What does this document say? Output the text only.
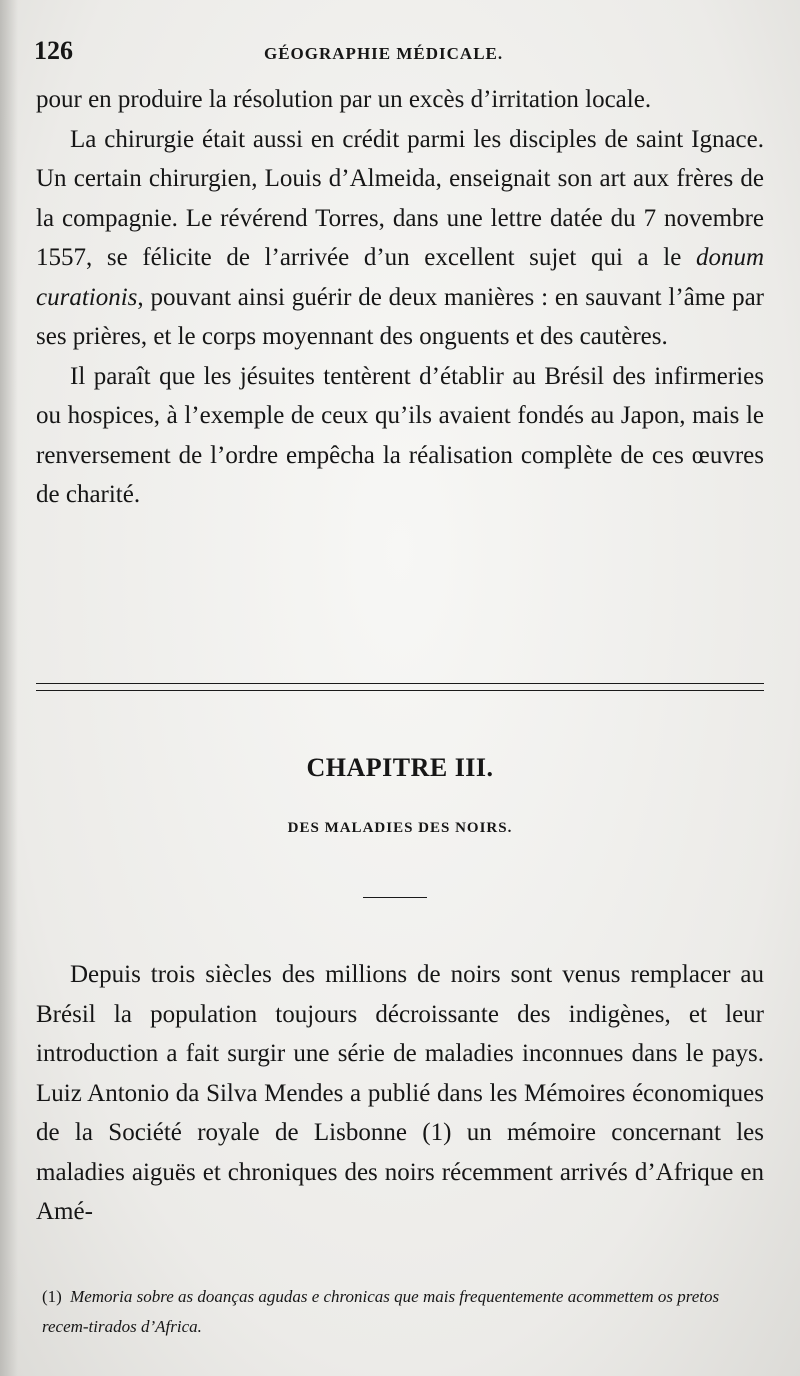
126	GÉOGRAPHIE MÉDICALE.

pour en produire la résolution par un excès d’irritation locale.

La chirurgie était aussi en crédit parmi les disciples de saint Ignace. Un certain chirurgien, Louis d’Almeida, enseignait son art aux frères de la compagnie. Le révérend Torres, dans une lettre datée du 7 novembre 1557, se félicite de l’arrivée d’un excellent sujet qui a le donum curationis, pouvant ainsi guérir de deux manières : en sauvant l’âme par ses prières, et le corps moyennant des onguents et des cautères.

Il paraît que les jésuites tentèrent d’établir au Brésil des infirmeries ou hospices, à l’exemple de ceux qu’ils avaient fondés au Japon, mais le renversement de l’ordre empêcha la réalisation complète de ces œuvres de charité.

CHAPITRE III.
DES MALADIES DES NOIRS.

Depuis trois siècles des millions de noirs sont venus remplacer au Brésil la population toujours décroissante des indigènes, et leur introduction a fait surgir une série de maladies inconnues dans le pays. Luiz Antonio da Silva Mendes a publié dans les Mémoires économiques de la Société royale de Lisbonne (1) un mémoire concernant les maladies aiguës et chroniques des noirs récemment arrivés d’Afrique en Amé-

(1) Memoria sobre as doanças agudas e chronicas que mais frequentemente acommettem os pretos recem-tirados d’Africa.
